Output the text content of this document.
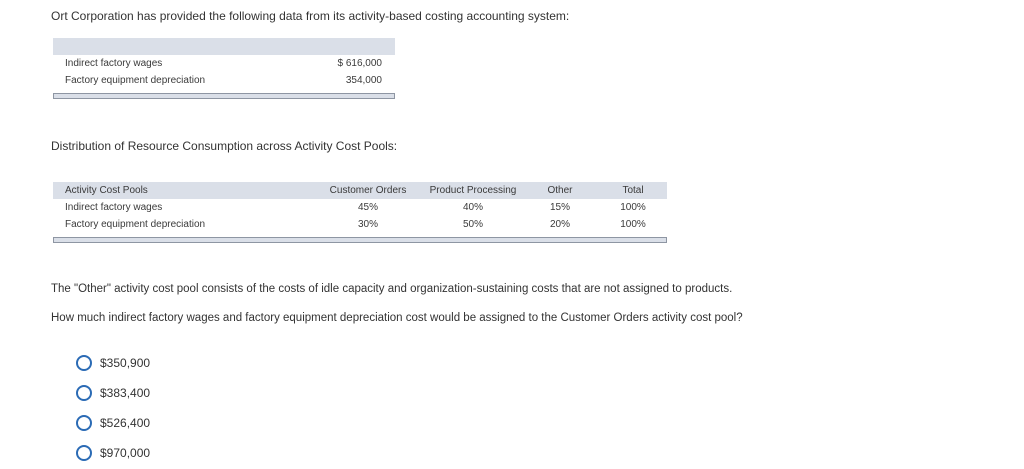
Ort Corporation has provided the following data from its activity-based costing accounting system:
Indirect factory wages	$ 616,000
Factory equipment depreciation	354,000
Distribution of Resource Consumption across Activity Cost Pools:
Activity Cost Pools	Customer Orders	Product Processing	Other	Total
Indirect factory wages	45%	40%	15%	100%
Factory equipment depreciation	30%	50%	20%	100%
The "Other" activity cost pool consists of the costs of idle capacity and organization-sustaining costs that are not assigned to products.
How much indirect factory wages and factory equipment depreciation cost would be assigned to the Customer Orders activity cost pool?
$350,900
$383,400
$526,400
$970,000
